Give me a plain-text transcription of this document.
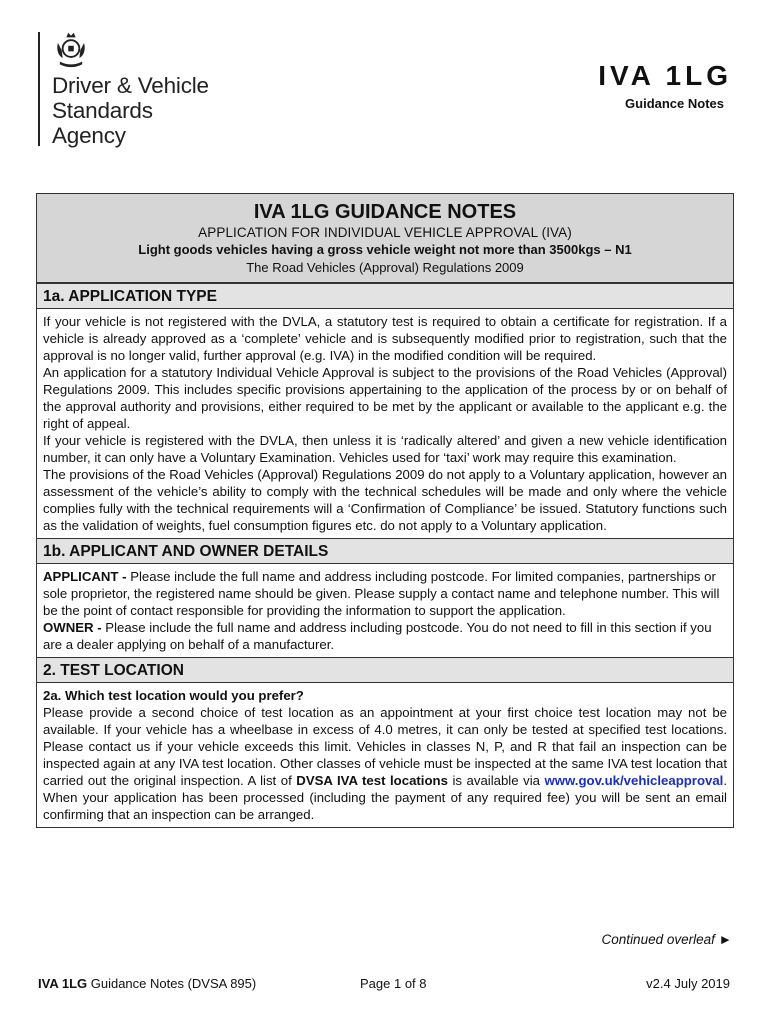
Driver & Vehicle
Standards
Agency
IVA 1LG
Guidance Notes
IVA 1LG GUIDANCE NOTES
APPLICATION FOR INDIVIDUAL VEHICLE APPROVAL (IVA)
Light goods vehicles having a gross vehicle weight not more than 3500kgs – N1
The Road Vehicles (Approval) Regulations 2009
1a. APPLICATION TYPE

If your vehicle is not registered with the DVLA, a statutory test is required to obtain a certificate for registration. If a vehicle is already approved as a ‘complete’ vehicle and is subsequently modified prior to registration, such that the approval is no longer valid, further approval (e.g. IVA) in the modified condition will be required.

An application for a statutory Individual Vehicle Approval is subject to the provisions of the Road Vehicles (Approval) Regulations 2009. This includes specific provisions appertaining to the application of the process by or on behalf of the approval authority and provisions, either required to be met by the applicant or available to the applicant e.g. the right of appeal.

If your vehicle is registered with the DVLA, then unless it is ‘radically altered’ and given a new vehicle identification number, it can only have a Voluntary Examination. Vehicles used for ‘taxi’ work may require this examination.

The provisions of the Road Vehicles (Approval) Regulations 2009 do not apply to a Voluntary application, however an assessment of the vehicle’s ability to comply with the technical schedules will be made and only where the vehicle complies fully with the technical requirements will a ‘Confirmation of Compliance’ be issued. Statutory functions such as the validation of weights, fuel consumption figures etc. do not apply to a Voluntary application.

1b. APPLICANT AND OWNER DETAILS

APPLICANT - Please include the full name and address including postcode. For limited companies, partnerships or sole proprietor, the registered name should be given. Please supply a contact name and telephone number. This will be the point of contact responsible for providing the information to support the application.

OWNER - Please include the full name and address including postcode. You do not need to fill in this section if you are a dealer applying on behalf of a manufacturer.

2. TEST LOCATION

2a. Which test location would you prefer?

Please provide a second choice of test location as an appointment at your first choice test location may not be available. If your vehicle has a wheelbase in excess of 4.0 metres, it can only be tested at specified test locations. Please contact us if your vehicle exceeds this limit. Vehicles in classes N, P, and R that fail an inspection can be inspected again at any IVA test location. Other classes of vehicle must be inspected at the same IVA test location that carried out the original inspection. A list of DVSA IVA test locations is available via www.gov.uk/vehicleapproval. When your application has been processed (including the payment of any required fee) you will be sent an email confirming that an inspection can be arranged.

Continued overleaf ►
IVA 1LG Guidance Notes (DVSA 895)	Page 1 of 8	v2.4 July 2019
